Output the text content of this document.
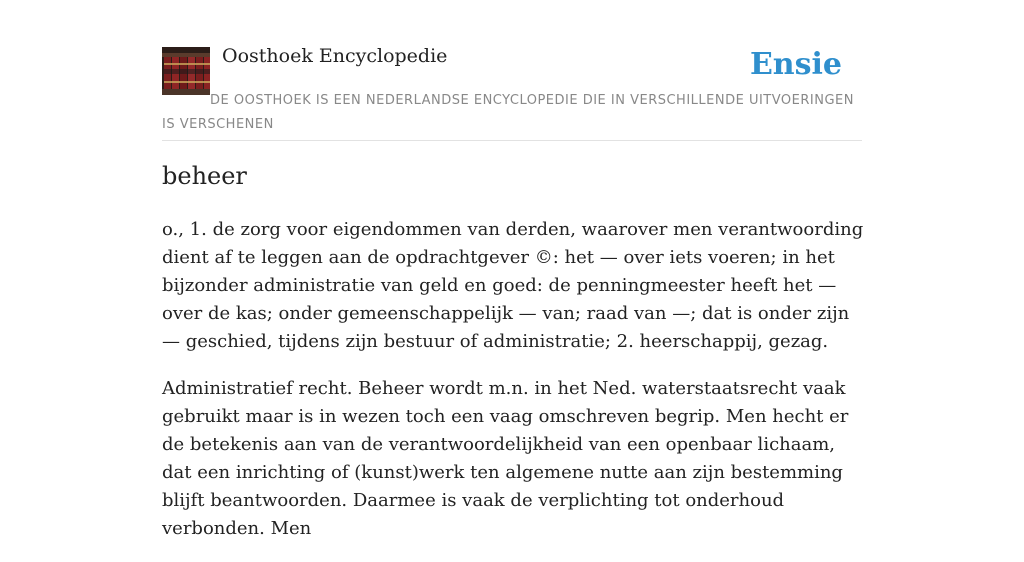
Oosthoek Encyclopedie	Ensie
DE OOSTHOEK IS EEN NEDERLANDSE ENCYCLOPEDIE DIE IN VERSCHILLENDE UITVOERINGEN IS VERSCHENEN
beheer

o., 1. de zorg voor eigendommen van derden, waarover men verantwoording dient af te leggen aan de opdrachtgever ©: het — over iets voeren; in het bijzonder administratie van geld en goed: de penningmeester heeft het — over de kas; onder gemeenschappelijk — van; raad van —; dat is onder zijn — geschied, tijdens zijn bestuur of administratie; 2. heerschappij, gezag.

Administratief recht. Beheer wordt m.n. in het Ned. waterstaatsrecht vaak gebruikt maar is in wezen toch een vaag omschreven begrip. Men hecht er de betekenis aan van de verantwoordelijkheid van een openbaar lichaam, dat een inrichting of (kunst)werk ten algemene nutte aan zijn bestemming blijft beantwoorden. Daarmee is vaak de verplichting tot onderhoud verbonden. Men
